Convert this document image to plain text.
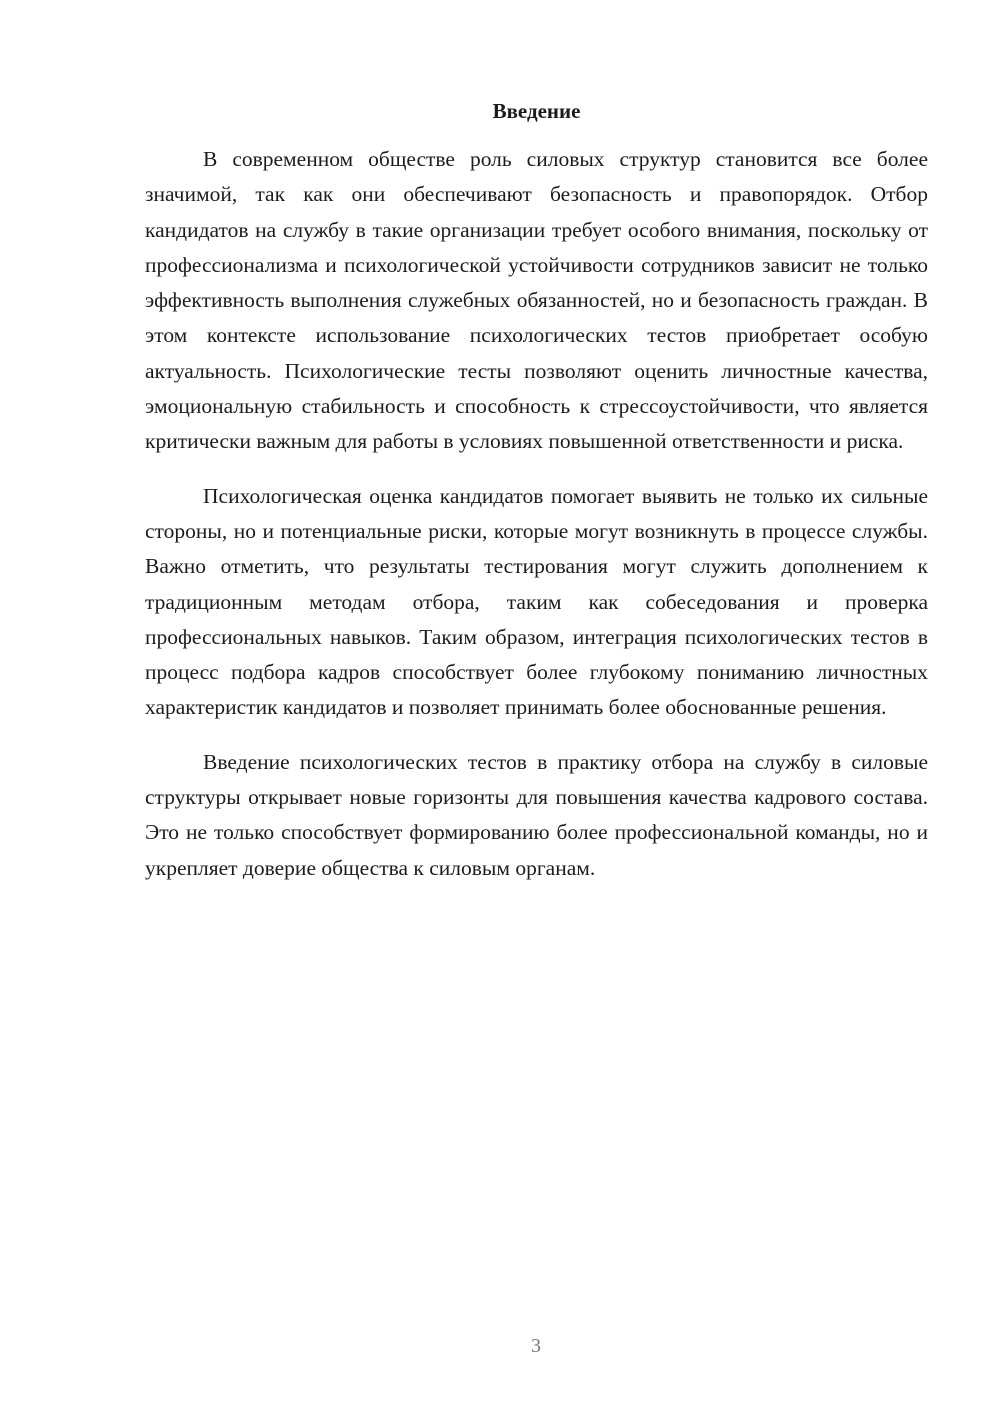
Введение

В современном обществе роль силовых структур становится все более значимой, так как они обеспечивают безопасность и правопорядок. Отбор кандидатов на службу в такие организации требует особого внимания, поскольку от профессионализма и психологической устойчивости сотрудников зависит не только эффективность выполнения служебных обязанностей, но и безопасность граждан. В этом контексте использование психологических тестов приобретает особую актуальность. Психологические тесты позволяют оценить личностные качества, эмоциональную стабильность и способность к стрессоустойчивости, что является критически важным для работы в условиях повышенной ответственности и риска.

Психологическая оценка кандидатов помогает выявить не только их сильные стороны, но и потенциальные риски, которые могут возникнуть в процессе службы. Важно отметить, что результаты тестирования могут служить дополнением к традиционным методам отбора, таким как собеседования и проверка профессиональных навыков. Таким образом, интеграция психологических тестов в процесс подбора кадров способствует более глубокому пониманию личностных характеристик кандидатов и позволяет принимать более обоснованные решения.

Введение психологических тестов в практику отбора на службу в силовые структуры открывает новые горизонты для повышения качества кадрового состава. Это не только способствует формированию более профессиональной команды, но и укрепляет доверие общества к силовым органам.

3
